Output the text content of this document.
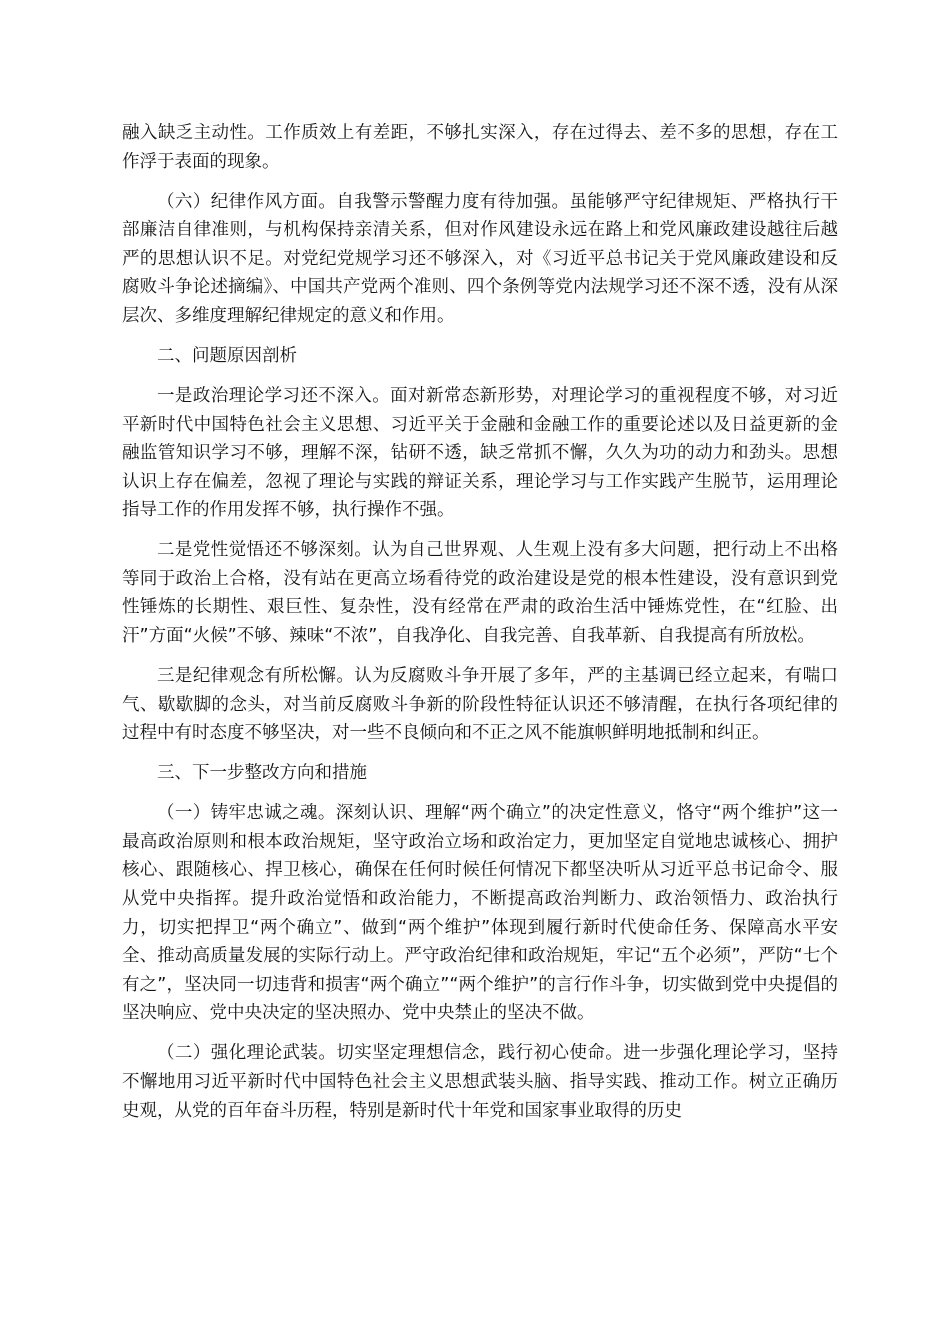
融入缺乏主动性。工作质效上有差距，不够扎实深入，存在过得去、差不多的思想，存在工作浮于表面的现象。

（六）纪律作风方面。自我警示警醒力度有待加强。虽能够严守纪律规矩、严格执行干部廉洁自律准则，与机构保持亲清关系，但对作风建设永远在路上和党风廉政建设越往后越严的思想认识不足。对党纪党规学习还不够深入，对《习近平总书记关于党风廉政建设和反腐败斗争论述摘编》、中国共产党两个准则、四个条例等党内法规学习还不深不透，没有从深层次、多维度理解纪律规定的意义和作用。

二、问题原因剖析

一是政治理论学习还不深入。面对新常态新形势，对理论学习的重视程度不够，对习近平新时代中国特色社会主义思想、习近平关于金融和金融工作的重要论述以及日益更新的金融监管知识学习不够，理解不深，钻研不透，缺乏常抓不懈，久久为功的动力和劲头。思想认识上存在偏差，忽视了理论与实践的辩证关系，理论学习与工作实践产生脱节，运用理论指导工作的作用发挥不够，执行操作不强。

二是党性觉悟还不够深刻。认为自己世界观、人生观上没有多大问题，把行动上不出格等同于政治上合格，没有站在更高立场看待党的政治建设是党的根本性建设，没有意识到党性锤炼的长期性、艰巨性、复杂性，没有经常在严肃的政治生活中锤炼党性，在“红脸、出汗”方面“火候”不够、辣味“不浓”，自我净化、自我完善、自我革新、自我提高有所放松。

三是纪律观念有所松懈。认为反腐败斗争开展了多年，严的主基调已经立起来，有喘口气、歇歇脚的念头，对当前反腐败斗争新的阶段性特征认识还不够清醒，在执行各项纪律的过程中有时态度不够坚决，对一些不良倾向和不正之风不能旗帜鲜明地抵制和纠正。

三、下一步整改方向和措施

（一）铸牢忠诚之魂。深刻认识、理解“两个确立”的决定性意义，恪守“两个维护”这一最高政治原则和根本政治规矩，坚守政治立场和政治定力，更加坚定自觉地忠诚核心、拥护核心、跟随核心、捍卫核心，确保在任何时候任何情况下都坚决听从习近平总书记命令、服从党中央指挥。提升政治觉悟和政治能力，不断提高政治判断力、政治领悟力、政治执行力，切实把捍卫“两个确立”、做到“两个维护”体现到履行新时代使命任务、保障高水平安全、推动高质量发展的实际行动上。严守政治纪律和政治规矩，牢记“五个必须”，严防“七个有之”，坚决同一切违背和损害“两个确立”“两个维护”的言行作斗争，切实做到党中央提倡的坚决响应、党中央决定的坚决照办、党中央禁止的坚决不做。

（二）强化理论武装。切实坚定理想信念，践行初心使命。进一步强化理论学习，坚持不懈地用习近平新时代中国特色社会主义思想武装头脑、指导实践、推动工作。树立正确历史观，从党的百年奋斗历程，特别是新时代十年党和国家事业取得的历史
